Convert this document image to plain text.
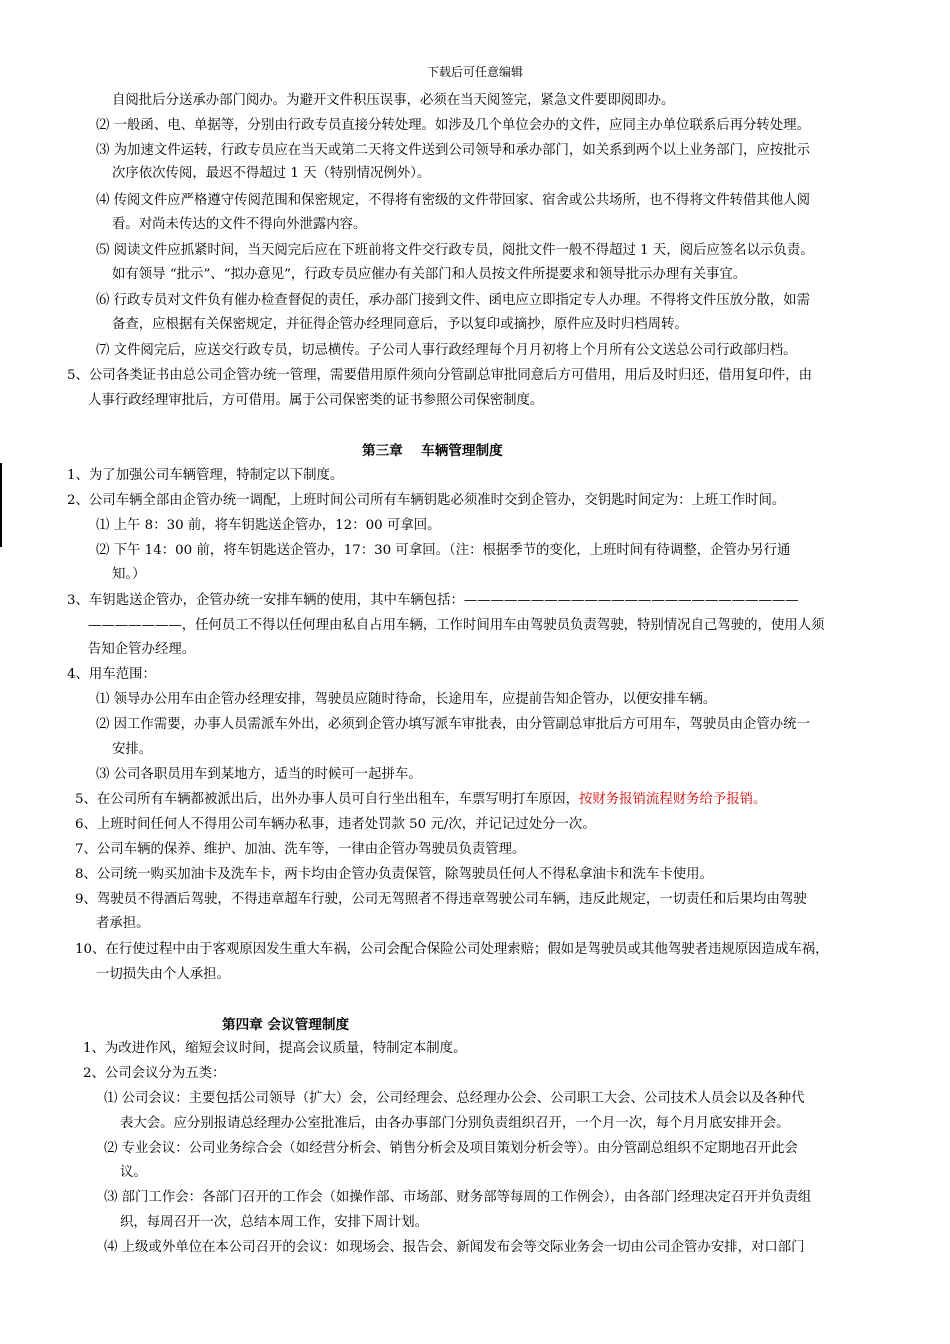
下载后可任意编辑
自阅批后分送承办部门阅办。为避开文件积压误事，必须在当天阅签完，紧急文件要即阅即办。
⑵ 一般函、电、单据等，分别由行政专员直接分转处理。如涉及几个单位会办的文件，应同主办单位联系后再分转处理。
⑶ 为加速文件运转，行政专员应在当天或第二天将文件送到公司领导和承办部门，如关系到两个以上业务部门，应按批示
次序依次传阅，最迟不得超过 1 天（特别情况例外）。
⑷ 传阅文件应严格遵守传阅范围和保密规定，不得将有密级的文件带回家、宿舍或公共场所，也不得将文件转借其他人阅
看。对尚未传达的文件不得向外泄露内容。
⑸ 阅读文件应抓紧时间，当天阅完后应在下班前将文件交行政专员，阅批文件一般不得超过 1 天，阅后应签名以示负责。
如有领导 “批示”、“拟办意见”，行政专员应催办有关部门和人员按文件所提要求和领导批示办理有关事宜。
⑹ 行政专员对文件负有催办检查督促的责任，承办部门接到文件、函电应立即指定专人办理。不得将文件压放分散，如需
备查，应根据有关保密规定，并征得企管办经理同意后，予以复印或摘抄，原件应及时归档周转。
⑺ 文件阅完后，应送交行政专员，切忌横传。子公司人事行政经理每个月月初将上个月所有公文送总公司行政部归档。
5、公司各类证书由总公司企管办统一管理，需要借用原件须向分管副总审批同意后方可借用，用后及时归还，借用复印件，由
人事行政经理审批后，方可借用。属于公司保密类的证书参照公司保密制度。
第三章　 车辆管理制度
1、为了加强公司车辆管理，特制定以下制度。
2、公司车辆全部由企管办统一调配，上班时间公司所有车辆钥匙必须准时交到企管办，交钥匙时间定为：上班工作时间。
⑴ 上午 8：30 前，将车钥匙送企管办，12：00 可拿回。
⑵ 下午 14：00 前，将车钥匙送企管办，17：30 可拿回。（注：根据季节的变化，上班时间有待调整，企管办另行通
知。）
3、车钥匙送企管办，企管办统一安排车辆的使用，其中车辆包括：—————————————————————————
———————，任何员工不得以任何理由私自占用车辆，工作时间用车由驾驶员负责驾驶，特别情况自己驾驶的，使用人须
告知企管办经理。
4、用车范围：
⑴ 领导办公用车由企管办经理安排，驾驶员应随时待命，长途用车，应提前告知企管办，以便安排车辆。
⑵ 因工作需要，办事人员需派车外出，必须到企管办填写派车审批表，由分管副总审批后方可用车，驾驶员由企管办统一
安排。
⑶ 公司各职员用车到某地方，适当的时候可一起拼车。
5、在公司所有车辆都被派出后，出外办事人员可自行坐出租车，车票写明打车原因，按财务报销流程财务给予报销。
6、上班时间任何人不得用公司车辆办私事，违者处罚款 50 元/次，并记记过处分一次。
7、公司车辆的保养、维护、加油、洗车等，一律由企管办驾驶员负责管理。
8、公司统一购买加油卡及洗车卡，两卡均由企管办负责保管，除驾驶员任何人不得私拿油卡和洗车卡使用。
9、驾驶员不得酒后驾驶，不得违章超车行驶，公司无驾照者不得违章驾驶公司车辆，违反此规定，一切责任和后果均由驾驶
者承担。
10、在行使过程中由于客观原因发生重大车祸，公司会配合保险公司处理索赔；假如是驾驶员或其他驾驶者违规原因造成车祸，
一切损失由个人承担。
第四章 会议管理制度
1、为改进作风，缩短会议时间，提高会议质量，特制定本制度。
2、公司会议分为五类：
⑴ 公司会议：主要包括公司领导（扩大）会，公司经理会、总经理办公会、公司职工大会、公司技术人员会以及各种代
表大会。应分别报请总经理办公室批准后，由各办事部门分别负责组织召开，一个月一次，每个月月底安排开会。
⑵ 专业会议：公司业务综合会（如经营分析会、销售分析会及项目策划分析会等）。由分管副总组织不定期地召开此会
议。
⑶ 部门工作会：各部门召开的工作会（如操作部、市场部、财务部等每周的工作例会），由各部门经理决定召开并负责组
织，每周召开一次，总结本周工作，安排下周计划。
⑷ 上级或外单位在本公司召开的会议：如现场会、报告会、新闻发布会等交际业务会一切由公司企管办安排，对口部门
